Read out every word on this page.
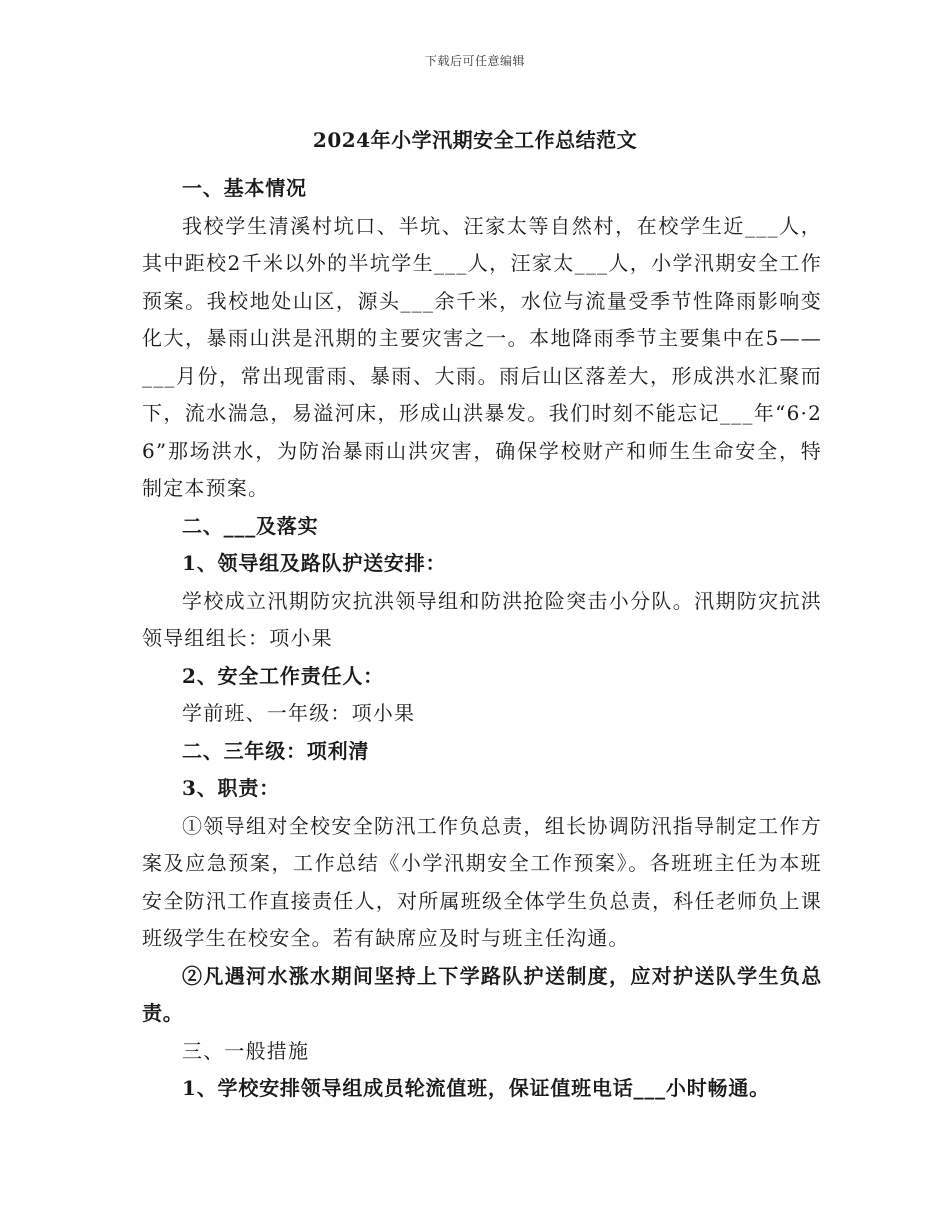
下载后可任意编辑
2024年小学汛期安全工作总结范文

一、基本情况

我校学生清溪村坑口、半坑、汪家太等自然村，在校学生近___人，其中距校2千米以外的半坑学生___人，汪家太___人，小学汛期安全工作预案。我校地处山区，源头___余千米，水位与流量受季节性降雨影响变化大，暴雨山洪是汛期的主要灾害之一。本地降雨季节主要集中在5——___月份，常出现雷雨、暴雨、大雨。雨后山区落差大，形成洪水汇聚而下，流水湍急，易溢河床，形成山洪暴发。我们时刻不能忘记___年“6·26”那场洪水，为防治暴雨山洪灾害，确保学校财产和师生生命安全，特制定本预案。

二、___及落实

1、领导组及路队护送安排：

学校成立汛期防灾抗洪领导组和防洪抢险突击小分队。汛期防灾抗洪领导组组长：项小果

2、安全工作责任人：

学前班、一年级：项小果

二、三年级：项利清

3、职责：

①领导组对全校安全防汛工作负总责，组长协调防汛指导制定工作方案及应急预案，工作总结《小学汛期安全工作预案》。各班班主任为本班安全防汛工作直接责任人，对所属班级全体学生负总责，科任老师负上课班级学生在校安全。若有缺席应及时与班主任沟通。

②凡遇河水涨水期间坚持上下学路队护送制度，应对护送队学生负总责。

三、一般措施

1、学校安排领导组成员轮流值班，保证值班电话___小时畅通。
